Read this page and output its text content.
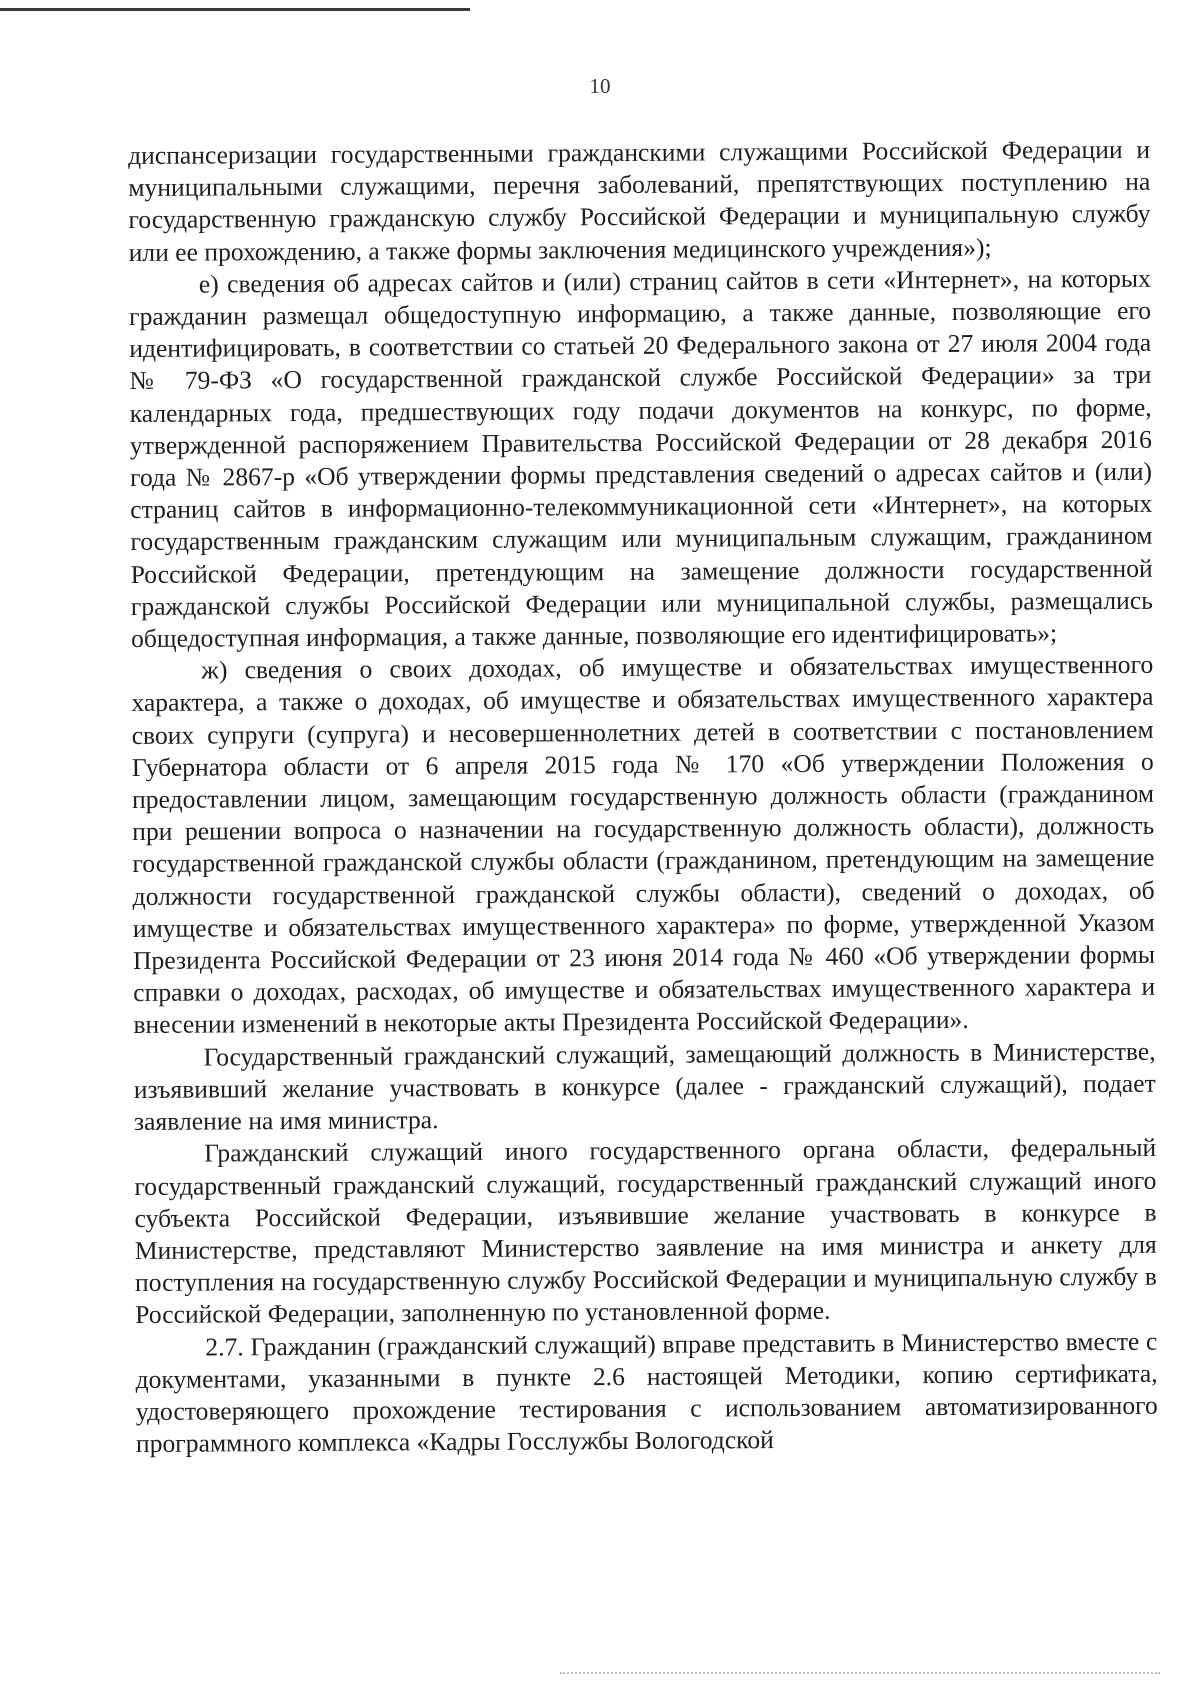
10

диспансеризации государственными гражданскими служащими Российской Федерации и муниципальными служащими, перечня заболеваний, препятствующих поступлению на государственную гражданскую службу Российской Федерации и муниципальную службу или ее прохождению, а также формы заключения медицинского учреждения»);

е) сведения об адресах сайтов и (или) страниц сайтов в сети «Интернет», на которых гражданин размещал общедоступную информацию, а также данные, позволяющие его идентифицировать, в соответствии со статьей 20 Федерального закона от 27 июля 2004 года № 79-ФЗ «О государственной гражданской службе Российской Федерации» за три календарных года, предшествующих году подачи документов на конкурс, по форме, утвержденной распоряжением Правительства Российской Федерации от 28 декабря 2016 года № 2867-р «Об утверждении формы представления сведений о адресах сайтов и (или) страниц сайтов в информационно-телекоммуникационной сети «Интернет», на которых государственным гражданским служащим или муниципальным служащим, гражданином Российской Федерации, претендующим на замещение должности государственной гражданской службы Российской Федерации или муниципальной службы, размещались общедоступная информация, а также данные, позволяющие его идентифицировать»;

ж) сведения о своих доходах, об имуществе и обязательствах имущественного характера, а также о доходах, об имуществе и обязательствах имущественного характера своих супруги (супруга) и несовершеннолетних детей в соответствии с постановлением Губернатора области от 6 апреля 2015 года № 170 «Об утверждении Положения о предоставлении лицом, замещающим государственную должность области (гражданином при решении вопроса о назначении на государственную должность области), должность государственной гражданской службы области (гражданином, претендующим на замещение должности государственной гражданской службы области), сведений о доходах, об имуществе и обязательствах имущественного характера» по форме, утвержденной Указом Президента Российской Федерации от 23 июня 2014 года № 460 «Об утверждении формы справки о доходах, расходах, об имуществе и обязательствах имущественного характера и внесении изменений в некоторые акты Президента Российской Федерации».

Государственный гражданский служащий, замещающий должность в Министерстве, изъявивший желание участвовать в конкурсе (далее - гражданский служащий), подает заявление на имя министра.

Гражданский служащий иного государственного органа области, федеральный государственный гражданский служащий, государственный гражданский служащий иного субъекта Российской Федерации, изъявившие желание участвовать в конкурсе в Министерстве, представляют Министерство заявление на имя министра и анкету для поступления на государственную службу Российской Федерации и муниципальную службу в Российской Федерации, заполненную по установленной форме.

2.7. Гражданин (гражданский служащий) вправе представить в Министерство вместе с документами, указанными в пункте 2.6 настоящей Методики, копию сертификата, удостоверяющего прохождение тестирования с использованием автоматизированного программного комплекса «Кадры Госслужбы Вологодской
